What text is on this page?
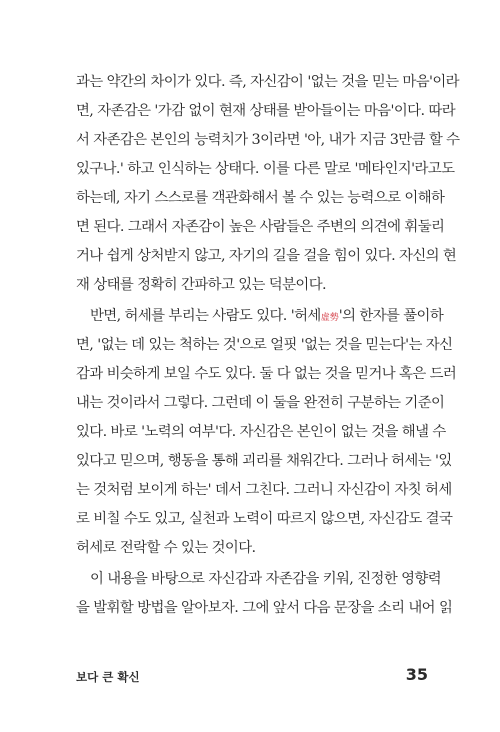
과는 약간의 차이가 있다. 즉, 자신감이 '없는 것을 믿는 마음'이라
면, 자존감은 '가감 없이 현재 상태를 받아들이는 마음'이다. 따라
서 자존감은 본인의 능력치가 3이라면 '아, 내가 지금 3만큼 할 수
있구나.' 하고 인식하는 상태다. 이를 다른 말로 '메타인지'라고도
하는데, 자기 스스로를 객관화해서 볼 수 있는 능력으로 이해하
면 된다. 그래서 자존감이 높은 사람들은 주변의 의견에 휘둘리
거나 쉽게 상처받지 않고, 자기의 길을 걸을 힘이 있다. 자신의 현
재 상태를 정확히 간파하고 있는 덕분이다.
반면, 허세를 부리는 사람도 있다. '허세虛勢'의 한자를 풀이하
면, '없는 데 있는 척하는 것'으로 얼핏 '없는 것을 믿는다'는 자신
감과 비슷하게 보일 수도 있다. 둘 다 없는 것을 믿거나 혹은 드러
내는 것이라서 그렇다. 그런데 이 둘을 완전히 구분하는 기준이
있다. 바로 '노력의 여부'다. 자신감은 본인이 없는 것을 해낼 수
있다고 믿으며, 행동을 통해 괴리를 채워간다. 그러나 허세는 '있
는 것처럼 보이게 하는' 데서 그친다. 그러니 자신감이 자칫 허세
로 비칠 수도 있고, 실천과 노력이 따르지 않으면, 자신감도 결국
허세로 전락할 수 있는 것이다.
이 내용을 바탕으로 자신감과 자존감을 키워, 진정한 영향력
을 발휘할 방법을 알아보자. 그에 앞서 다음 문장을 소리 내어 읽
보다 큰 확신	35
